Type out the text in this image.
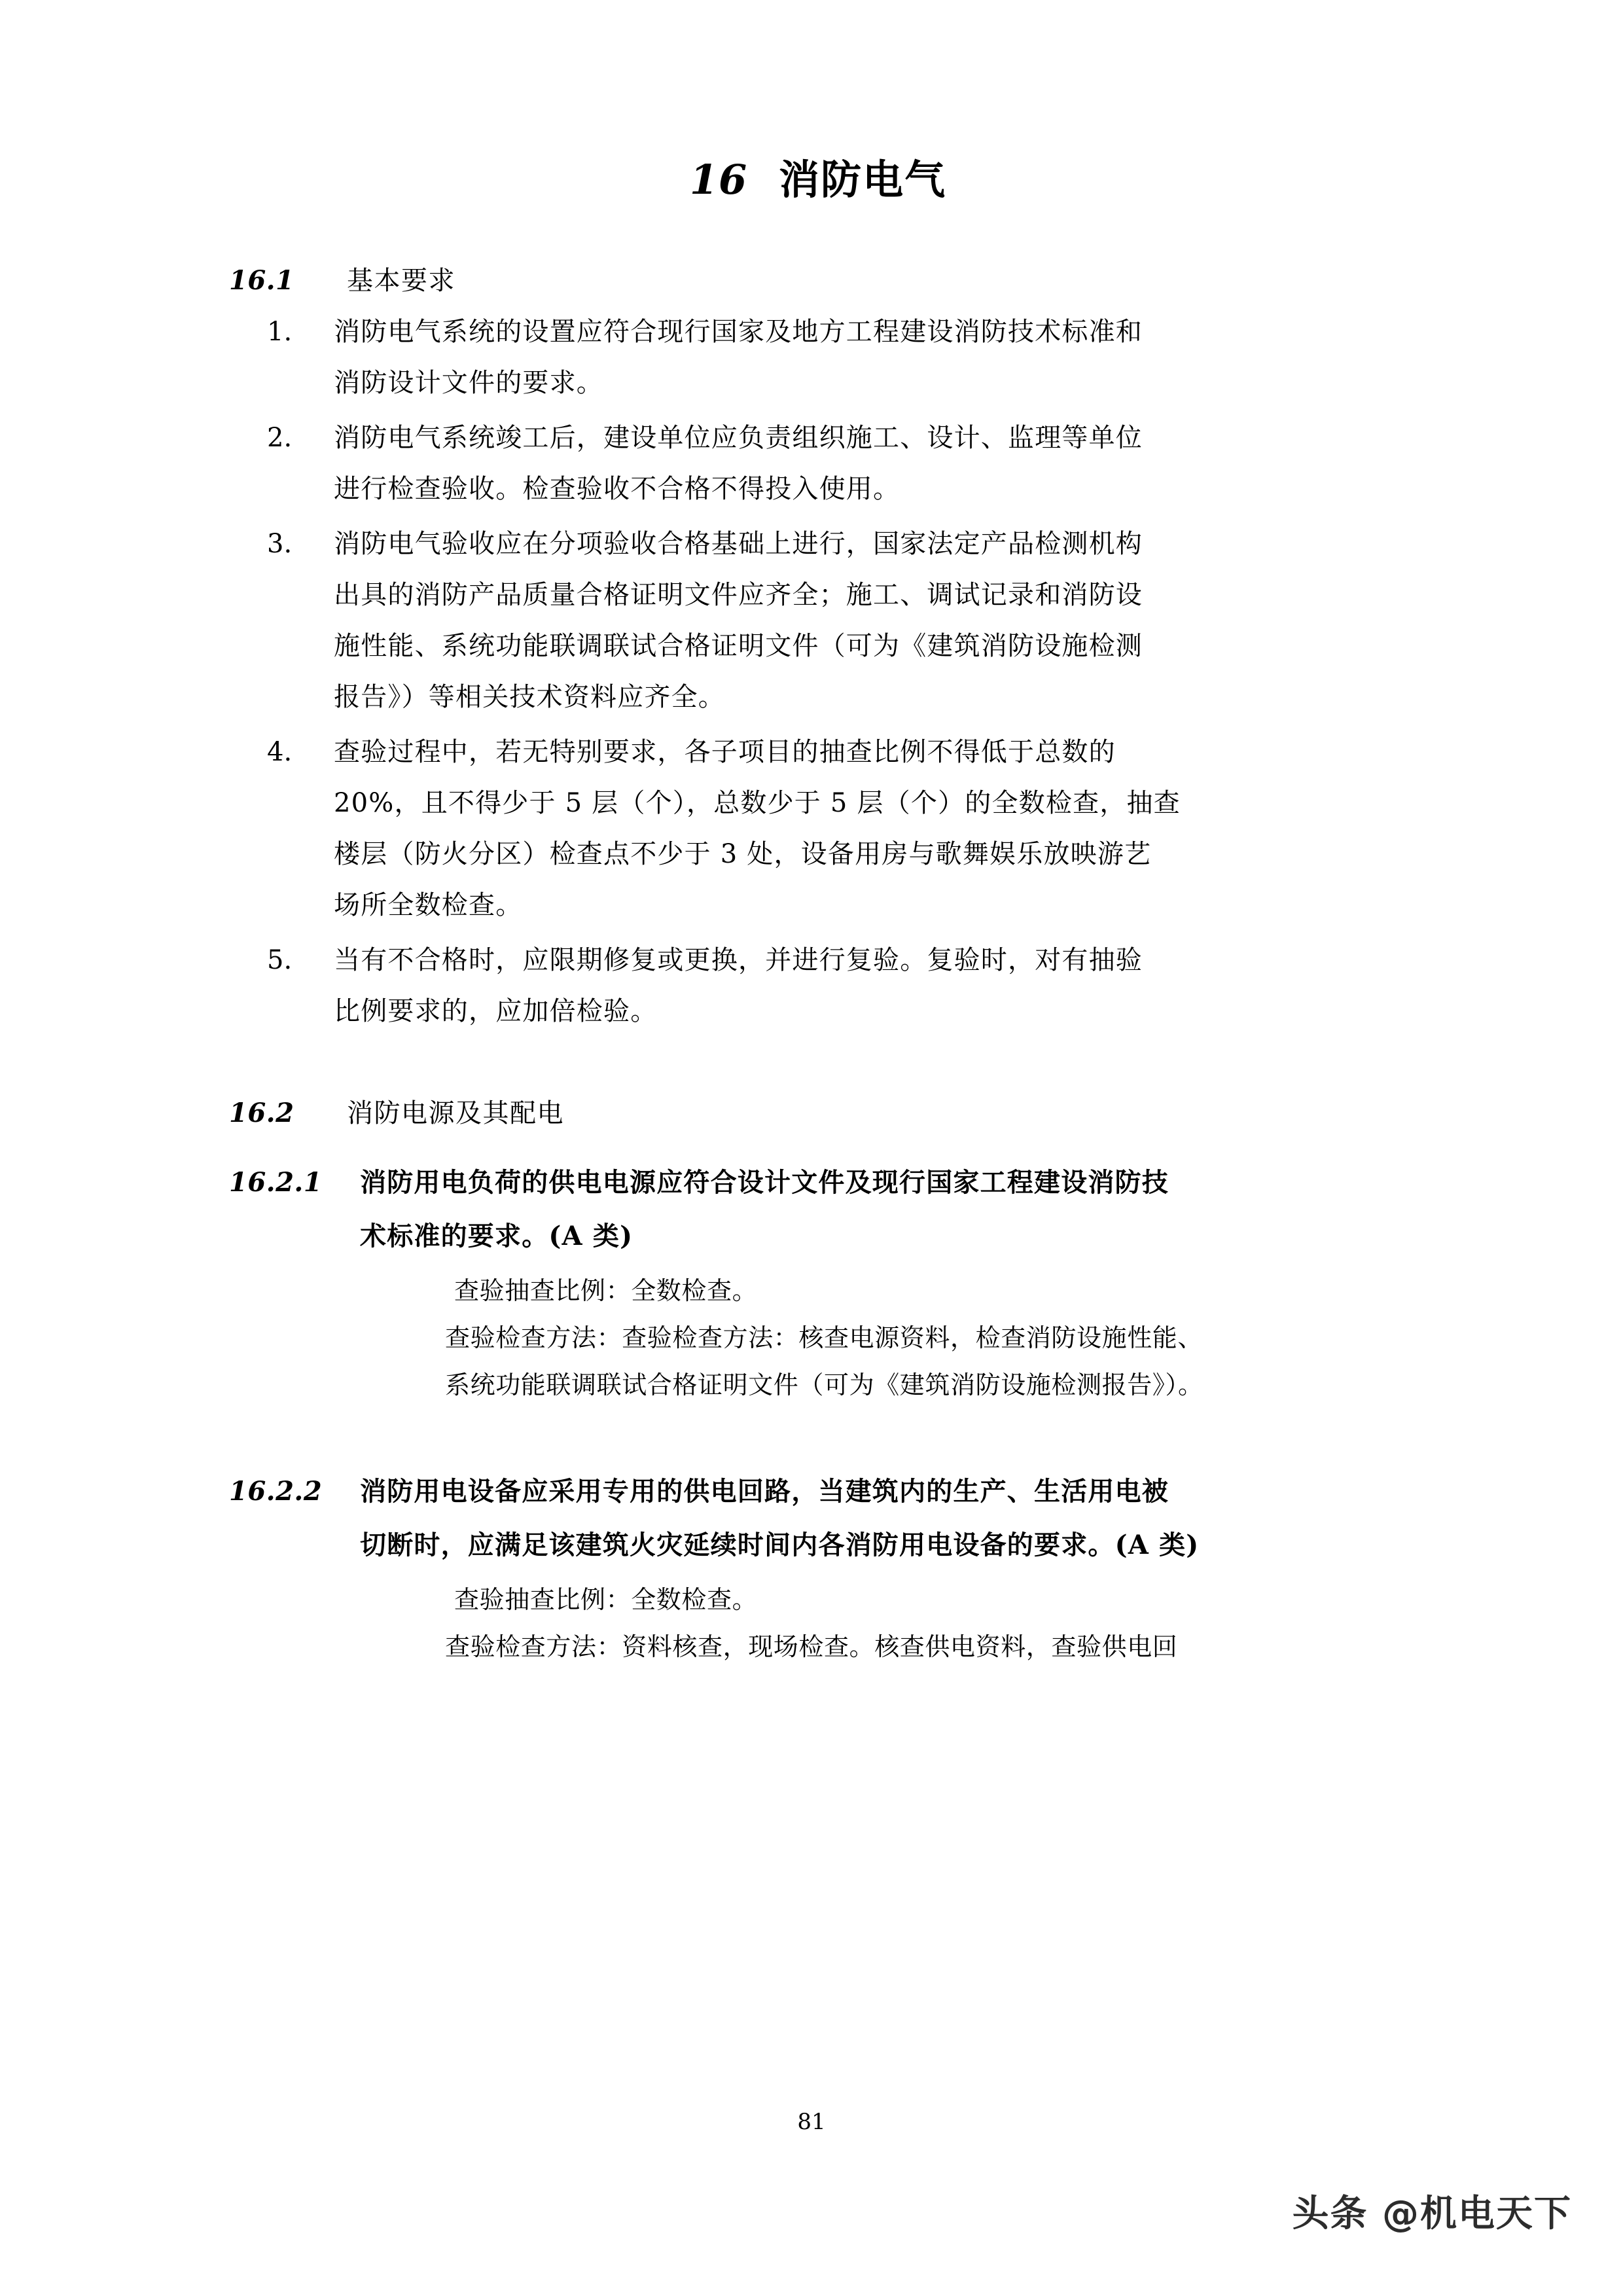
16 消防电气
16.1	基本要求
1.	消防电气系统的设置应符合现行国家及地方工程建设消防技术标准和
消防设计文件的要求。
2.	消防电气系统竣工后，建设单位应负责组织施工、设计、监理等单位
进行检查验收。检查验收不合格不得投入使用。
3.	消防电气验收应在分项验收合格基础上进行，国家法定产品检测机构
出具的消防产品质量合格证明文件应齐全；施工、调试记录和消防设
施性能、系统功能联调联试合格证明文件（可为《建筑消防设施检测
报告》）等相关技术资料应齐全。
4.	查验过程中，若无特别要求，各子项目的抽查比例不得低于总数的
20%，且不得少于 5 层（个），总数少于 5 层（个）的全数检查，抽查
楼层（防火分区）检查点不少于 3 处，设备用房与歌舞娱乐放映游艺
场所全数检查。
5.	当有不合格时，应限期修复或更换，并进行复验。复验时，对有抽验
比例要求的，应加倍检验。
16.2	消防电源及其配电
16.2.1	消防用电负荷的供电电源应符合设计文件及现行国家工程建设消防技
术标准的要求。(A 类)
查验抽查比例：全数检查。
查验检查方法：查验检查方法：核查电源资料，检查消防设施性能、
系统功能联调联试合格证明文件（可为《建筑消防设施检测报告》）。
16.2.2	消防用电设备应采用专用的供电回路，当建筑内的生产、生活用电被
切断时，应满足该建筑火灾延续时间内各消防用电设备的要求。(A 类)
查验抽查比例：全数检查。
查验检查方法：资料核查，现场检查。核查供电资料，查验供电回
81
头条 @机电天下
